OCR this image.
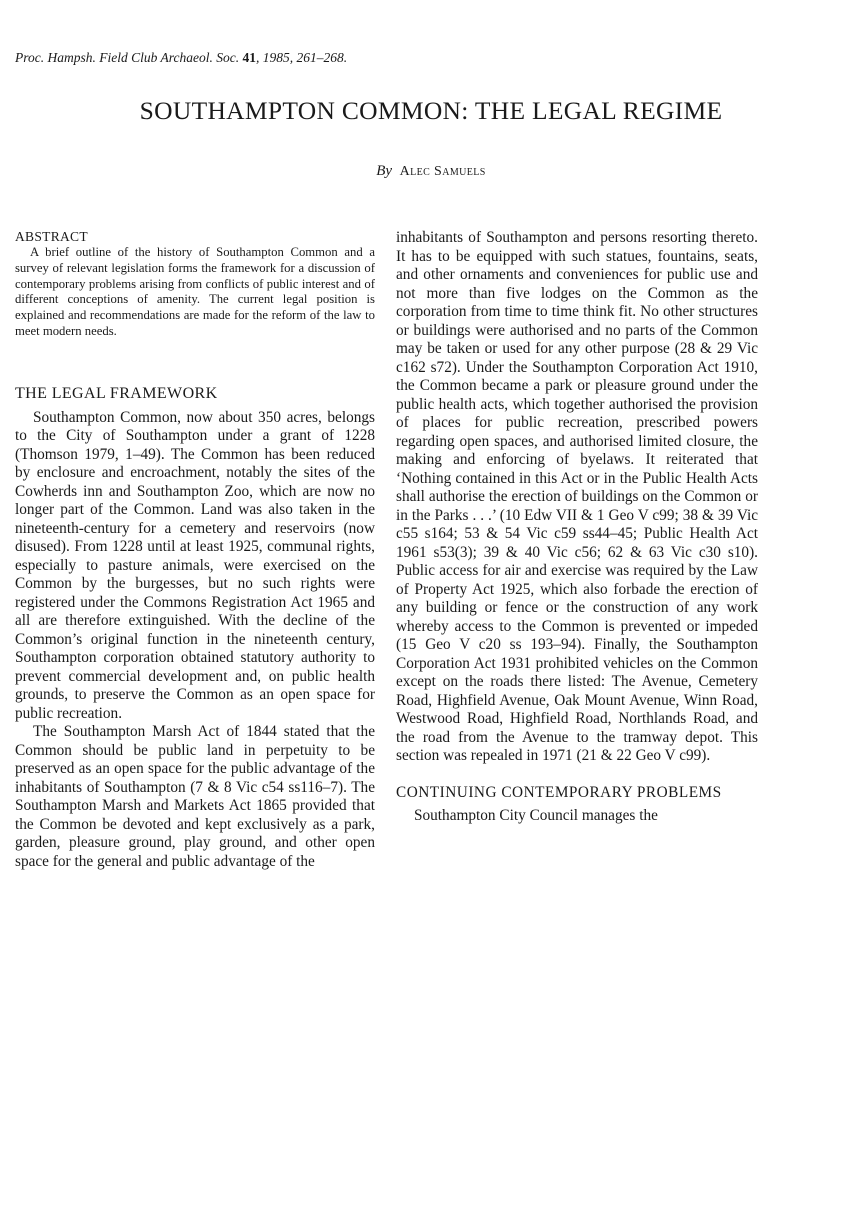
Proc. Hampsh. Field Club Archaeol. Soc. 41, 1985, 261–268.
SOUTHAMPTON COMMON: THE LEGAL REGIME
By Alec Samuels
ABSTRACT

A brief outline of the history of Southampton Common and a survey of relevant legislation forms the framework for a discussion of contemporary problems arising from conflicts of public interest and of different conceptions of amenity. The current legal position is explained and recommendations are made for the reform of the law to meet modern needs.

THE LEGAL FRAMEWORK

Southampton Common, now about 350 acres, belongs to the City of Southampton under a grant of 1228 (Thomson 1979, 1–49). The Common has been reduced by enclosure and encroachment, notably the sites of the Cowherds inn and Southampton Zoo, which are now no longer part of the Common. Land was also taken in the nineteenth-century for a cemetery and reservoirs (now disused). From 1228 until at least 1925, communal rights, especially to pasture animals, were exercised on the Common by the burgesses, but no such rights were registered under the Commons Registration Act 1965 and all are therefore extinguished. With the decline of the Common’s original function in the nineteenth century, Southampton corporation obtained statutory authority to prevent commercial development and, on public health grounds, to preserve the Common as an open space for public recreation.

The Southampton Marsh Act of 1844 stated that the Common should be public land in perpetuity to be preserved as an open space for the public advantage of the inhabitants of Southampton (7 & 8 Vic c54 ss116–7). The Southampton Marsh and Markets Act 1865 provided that the Common be devoted and kept exclusively as a park, garden, pleasure ground, play ground, and other open space for the general and public advantage of the

inhabitants of Southampton and persons resorting thereto. It has to be equipped with such statues, fountains, seats, and other ornaments and conveniences for public use and not more than five lodges on the Common as the corporation from time to time think fit. No other structures or buildings were authorised and no parts of the Common may be taken or used for any other purpose (28 & 29 Vic c162 s72). Under the Southampton Corporation Act 1910, the Common became a park or pleasure ground under the public health acts, which together authorised the provision of places for public recreation, prescribed powers regarding open spaces, and authorised limited closure, the making and enforcing of byelaws. It reiterated that ‘Nothing contained in this Act or in the Public Health Acts shall authorise the erection of buildings on the Common or in the Parks . . .’ (10 Edw VII & 1 Geo V c99; 38 & 39 Vic c55 s164; 53 & 54 Vic c59 ss44–45; Public Health Act 1961 s53(3); 39 & 40 Vic c56; 62 & 63 Vic c30 s10). Public access for air and exercise was required by the Law of Property Act 1925, which also forbade the erection of any building or fence or the construction of any work whereby access to the Common is prevented or impeded (15 Geo V c20 ss 193–94). Finally, the Southampton Corporation Act 1931 prohibited vehicles on the Common except on the roads there listed: The Avenue, Cemetery Road, Highfield Avenue, Oak Mount Avenue, Winn Road, Westwood Road, Highfield Road, Northlands Road, and the road from the Avenue to the tramway depot. This section was repealed in 1971 (21 & 22 Geo V c99).

CONTINUING CONTEMPORARY PROBLEMS

Southampton City Council manages the
